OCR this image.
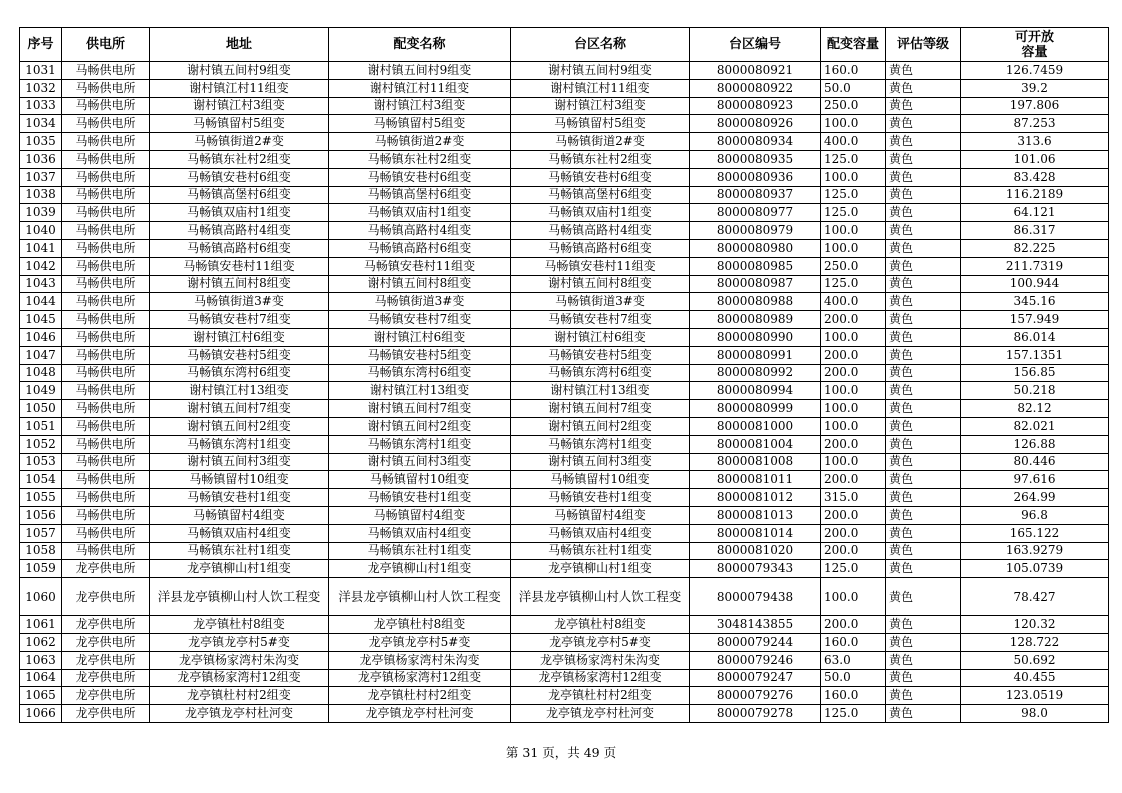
序号	供电所	地址	配变名称	台区名称	台区编号	配变容量	评估等级	可开放
容量
1031	马畅供电所	谢村镇五间村9组变	谢村镇五间村9组变	谢村镇五间村9组变	8000080921	160.0	黄色	126.7459
1032	马畅供电所	谢村镇江村11组变	谢村镇江村11组变	谢村镇江村11组变	8000080922	50.0	黄色	39.2
1033	马畅供电所	谢村镇江村3组变	谢村镇江村3组变	谢村镇江村3组变	8000080923	250.0	黄色	197.806
1034	马畅供电所	马畅镇留村5组变	马畅镇留村5组变	马畅镇留村5组变	8000080926	100.0	黄色	87.253
1035	马畅供电所	马畅镇街道2#变	马畅镇街道2#变	马畅镇街道2#变	8000080934	400.0	黄色	313.6
1036	马畅供电所	马畅镇东社村2组变	马畅镇东社村2组变	马畅镇东社村2组变	8000080935	125.0	黄色	101.06
1037	马畅供电所	马畅镇安巷村6组变	马畅镇安巷村6组变	马畅镇安巷村6组变	8000080936	100.0	黄色	83.428
1038	马畅供电所	马畅镇高堡村6组变	马畅镇高堡村6组变	马畅镇高堡村6组变	8000080937	125.0	黄色	116.2189
1039	马畅供电所	马畅镇双庙村1组变	马畅镇双庙村1组变	马畅镇双庙村1组变	8000080977	125.0	黄色	64.121
1040	马畅供电所	马畅镇高路村4组变	马畅镇高路村4组变	马畅镇高路村4组变	8000080979	100.0	黄色	86.317
1041	马畅供电所	马畅镇高路村6组变	马畅镇高路村6组变	马畅镇高路村6组变	8000080980	100.0	黄色	82.225
1042	马畅供电所	马畅镇安巷村11组变	马畅镇安巷村11组变	马畅镇安巷村11组变	8000080985	250.0	黄色	211.7319
1043	马畅供电所	谢村镇五间村8组变	谢村镇五间村8组变	谢村镇五间村8组变	8000080987	125.0	黄色	100.944
1044	马畅供电所	马畅镇街道3#变	马畅镇街道3#变	马畅镇街道3#变	8000080988	400.0	黄色	345.16
1045	马畅供电所	马畅镇安巷村7组变	马畅镇安巷村7组变	马畅镇安巷村7组变	8000080989	200.0	黄色	157.949
1046	马畅供电所	谢村镇江村6组变	谢村镇江村6组变	谢村镇江村6组变	8000080990	100.0	黄色	86.014
1047	马畅供电所	马畅镇安巷村5组变	马畅镇安巷村5组变	马畅镇安巷村5组变	8000080991	200.0	黄色	157.1351
1048	马畅供电所	马畅镇东湾村6组变	马畅镇东湾村6组变	马畅镇东湾村6组变	8000080992	200.0	黄色	156.85
1049	马畅供电所	谢村镇江村13组变	谢村镇江村13组变	谢村镇江村13组变	8000080994	100.0	黄色	50.218
1050	马畅供电所	谢村镇五间村7组变	谢村镇五间村7组变	谢村镇五间村7组变	8000080999	100.0	黄色	82.12
1051	马畅供电所	谢村镇五间村2组变	谢村镇五间村2组变	谢村镇五间村2组变	8000081000	100.0	黄色	82.021
1052	马畅供电所	马畅镇东湾村1组变	马畅镇东湾村1组变	马畅镇东湾村1组变	8000081004	200.0	黄色	126.88
1053	马畅供电所	谢村镇五间村3组变	谢村镇五间村3组变	谢村镇五间村3组变	8000081008	100.0	黄色	80.446
1054	马畅供电所	马畅镇留村10组变	马畅镇留村10组变	马畅镇留村10组变	8000081011	200.0	黄色	97.616
1055	马畅供电所	马畅镇安巷村1组变	马畅镇安巷村1组变	马畅镇安巷村1组变	8000081012	315.0	黄色	264.99
1056	马畅供电所	马畅镇留村4组变	马畅镇留村4组变	马畅镇留村4组变	8000081013	200.0	黄色	96.8
1057	马畅供电所	马畅镇双庙村4组变	马畅镇双庙村4组变	马畅镇双庙村4组变	8000081014	200.0	黄色	165.122
1058	马畅供电所	马畅镇东社村1组变	马畅镇东社村1组变	马畅镇东社村1组变	8000081020	200.0	黄色	163.9279
1059	龙亭供电所	龙亭镇柳山村1组变	龙亭镇柳山村1组变	龙亭镇柳山村1组变	8000079343	125.0	黄色	105.0739
1060	龙亭供电所	洋县龙亭镇柳山村人饮工程变	洋县龙亭镇柳山村人饮工程变	洋县龙亭镇柳山村人饮工程变	8000079438	100.0	黄色	78.427
1061	龙亭供电所	龙亭镇杜村8组变	龙亭镇杜村8组变	龙亭镇杜村8组变	3048143855	200.0	黄色	120.32
1062	龙亭供电所	龙亭镇龙亭村5#变	龙亭镇龙亭村5#变	龙亭镇龙亭村5#变	8000079244	160.0	黄色	128.722
1063	龙亭供电所	龙亭镇杨家湾村朱沟变	龙亭镇杨家湾村朱沟变	龙亭镇杨家湾村朱沟变	8000079246	63.0	黄色	50.692
1064	龙亭供电所	龙亭镇杨家湾村12组变	龙亭镇杨家湾村12组变	龙亭镇杨家湾村12组变	8000079247	50.0	黄色	40.455
1065	龙亭供电所	龙亭镇杜村村2组变	龙亭镇杜村村2组变	龙亭镇杜村村2组变	8000079276	160.0	黄色	123.0519
1066	龙亭供电所	龙亭镇龙亭村杜河变	龙亭镇龙亭村杜河变	龙亭镇龙亭村杜河变	8000079278	125.0	黄色	98.0
第 31 页，共 49 页
